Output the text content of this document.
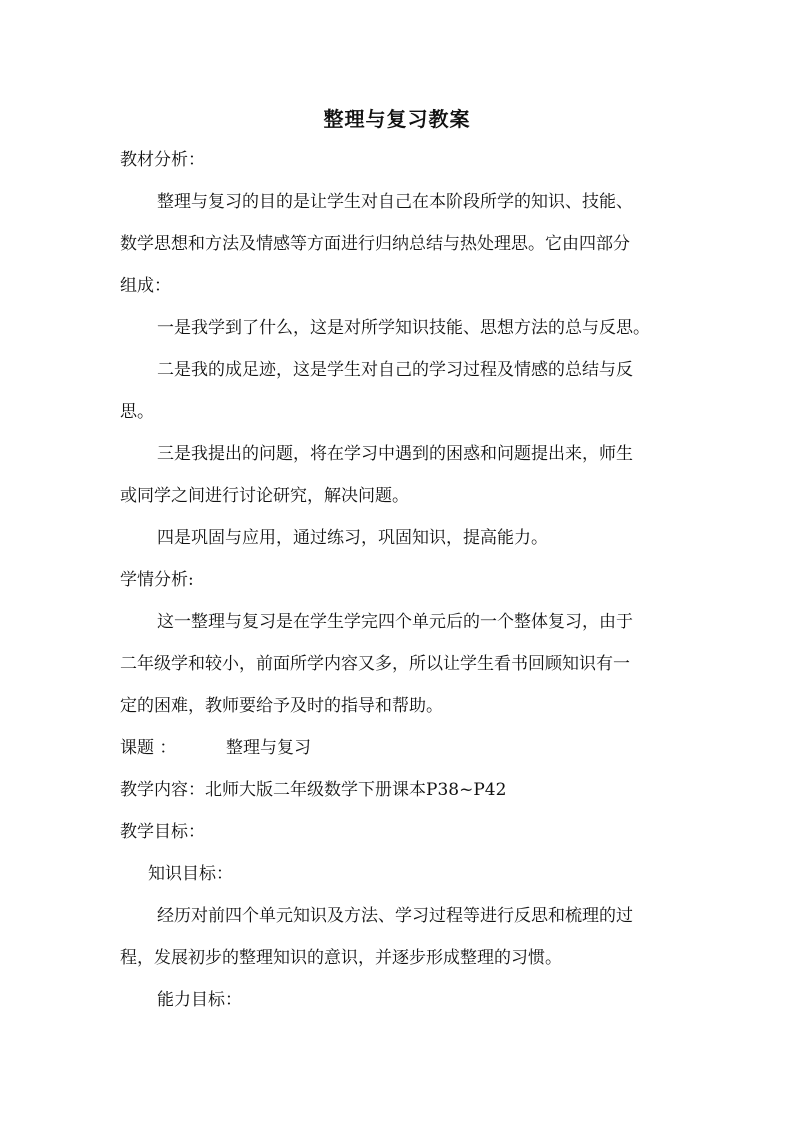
整理与复习教案
教材分析：
整理与复习的目的是让学生对自己在本阶段所学的知识、技能、
数学思想和方法及情感等方面进行归纳总结与热处理思。它由四部分
组成：
一是我学到了什么，这是对所学知识技能、思想方法的总与反思。
二是我的成足迹，这是学生对自己的学习过程及情感的总结与反
思。
三是我提出的问题，将在学习中遇到的困惑和问题提出来，师生
或同学之间进行讨论研究，解决问题。
四是巩固与应用，通过练习，巩固知识，提高能力。
学情分析:
这一整理与复习是在学生学完四个单元后的一个整体复习，由于
二年级学和较小，前面所学内容又多，所以让学生看书回顾知识有一
定的困难，教师要给予及时的指导和帮助。
课题 ：	整理与复习
教学内容：北师大版二年级数学下册课本P38~P42
教学目标：
知识目标：
经历对前四个单元知识及方法、学习过程等进行反思和梳理的过
程，发展初步的整理知识的意识，并逐步形成整理的习惯。
能力目标：
